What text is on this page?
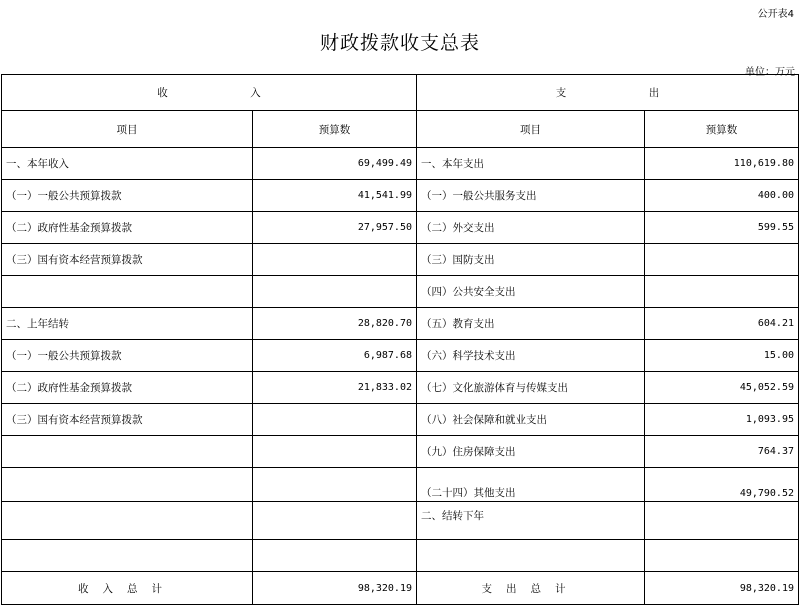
公开表4
财政拨款收支总表
单位：万元
收　入		支　出	
项目	预算数	项目	预算数
一、本年收入	69,499.49	一、本年支出	110,619.80
（一）一般公共预算拨款	41,541.99	（一）一般公共服务支出	400.00
（二）政府性基金预算拨款	27,957.50	（二）外交支出	599.55
（三）国有资本经营预算拨款		（三）国防支出	
		（四）公共安全支出	
二、上年结转	28,820.70	（五）教育支出	604.21
（一）一般公共预算拨款	6,987.68	（六）科学技术支出	15.00
（二）政府性基金预算拨款	21,833.02	（七）文化旅游体育与传媒支出	45,052.59
（三）国有资本经营预算拨款		（八）社会保障和就业支出	1,093.95
		（九）住房保障支出	764.37
		（二十四）其他支出	49,790.52
		二、结转下年	

收入总计	98,320.19	支出总计	98,320.19
